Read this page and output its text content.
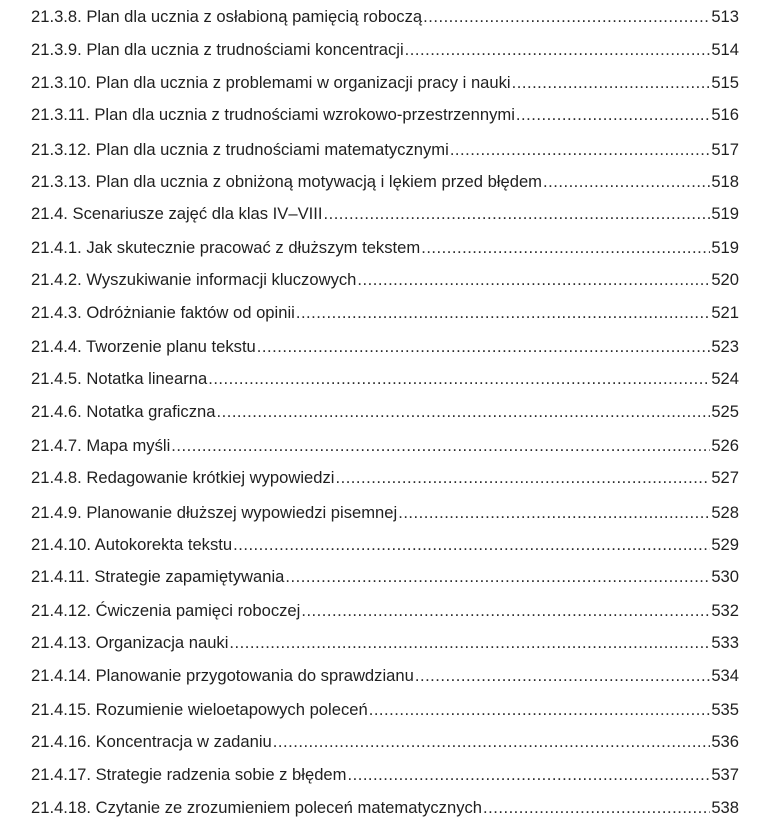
21.3.8. Plan dla ucznia z osłabioną pamięcią roboczą .....	513
21.3.9. Plan dla ucznia z trudnościami koncentracji .....	514
21.3.10. Plan dla ucznia z problemami w organizacji pracy i nauki .....	515
21.3.11. Plan dla ucznia z trudnościami wzrokowo-przestrzennymi .....	516
21.3.12. Plan dla ucznia z trudnościami matematycznymi .....	517
21.3.13. Plan dla ucznia z obniżoną motywacją i lękiem przed błędem .....	518
21.4. Scenariusze zajęć dla klas IV–VIII .....	519
21.4.1. Jak skutecznie pracować z dłuższym tekstem .....	519
21.4.2. Wyszukiwanie informacji kluczowych .....	520
21.4.3. Odróżnianie faktów od opinii .....	521
21.4.4. Tworzenie planu tekstu .....	523
21.4.5. Notatka linearna .....	524
21.4.6. Notatka graficzna .....	525
21.4.7. Mapa myśli .....	526
21.4.8. Redagowanie krótkiej wypowiedzi .....	527
21.4.9. Planowanie dłuższej wypowiedzi pisemnej .....	528
21.4.10. Autokorekta tekstu .....	529
21.4.11. Strategie zapamiętywania .....	530
21.4.12. Ćwiczenia pamięci roboczej .....	532
21.4.13. Organizacja nauki .....	533
21.4.14. Planowanie przygotowania do sprawdzianu .....	534
21.4.15. Rozumienie wieloetapowych poleceń .....	535
21.4.16. Koncentracja w zadaniu .....	536
21.4.17. Strategie radzenia sobie z błędem .....	537
21.4.18. Czytanie ze zrozumieniem poleceń matematycznych .....	538
